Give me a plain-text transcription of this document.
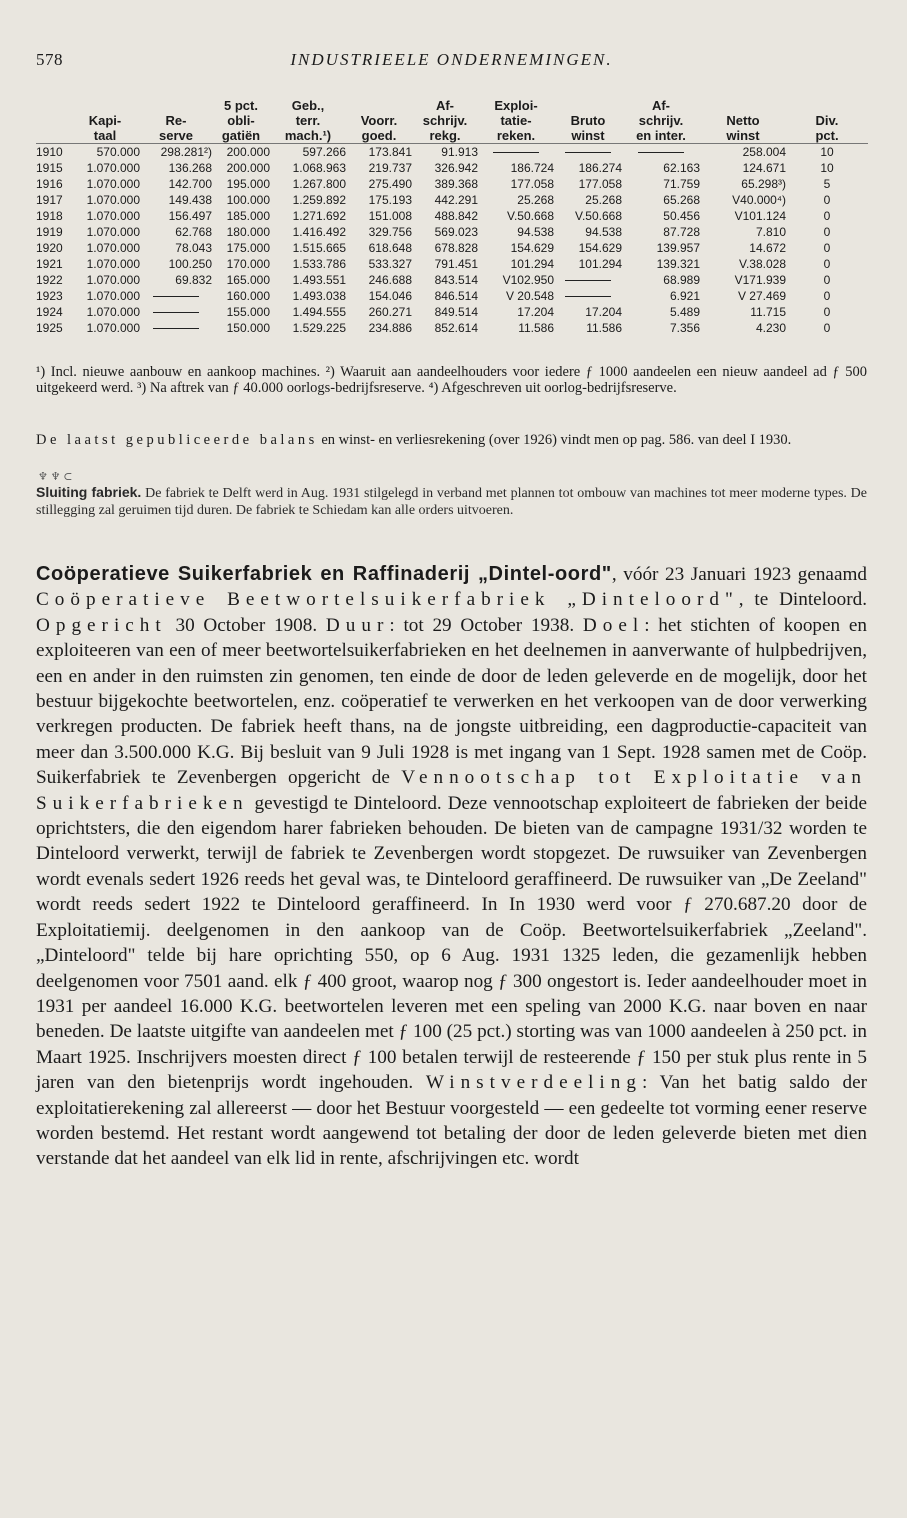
578	INDUSTRIEELE ONDERNEMINGEN.
			5 pct.	Geb.,		Af-	Exploi-		Af-		
	Kapi-	Re-	obli-	terr.	Voorr.	schrijv.	tatie-	Bruto	schrijv.	Netto	Div.
	taal	serve	gatiën	mach.¹)	goed.	rekg.	reken.	winst	en inter.	winst	pct.
1910	570.000	298.281²)	200.000	597.266	173.841	91.913				258.004	10
1915	1.070.000	136.268	200.000	1.068.963	219.737	326.942	186.724	186.274	62.163	124.671	10
1916	1.070.000	142.700	195.000	1.267.800	275.490	389.368	177.058	177.058	71.759	65.298³)	5
1917	1.070.000	149.438	100.000	1.259.892	175.193	442.291	25.268	25.268	65.268	V40.000⁴)	0
1918	1.070.000	156.497	185.000	1.271.692	151.008	488.842	V.50.668	V.50.668	50.456	V101.124	0
1919	1.070.000	62.768	180.000	1.416.492	329.756	569.023	94.538	94.538	87.728	7.810	0
1920	1.070.000	78.043	175.000	1.515.665	618.648	678.828	154.629	154.629	139.957	14.672	0
1921	1.070.000	100.250	170.000	1.533.786	533.327	791.451	101.294	101.294	139.321	V.38.028	0
1922	1.070.000	69.832	165.000	1.493.551	246.688	843.514	V102.950		68.989	V171.939	0
1923	1.070.000		160.000	1.493.038	154.046	846.514	V 20.548		6.921	V 27.469	0
1924	1.070.000		155.000	1.494.555	260.271	849.514	17.204	17.204	5.489	11.715	0
1925	1.070.000		150.000	1.529.225	234.886	852.614	11.586	11.586	7.356	4.230	0
¹) Incl. nieuwe aanbouw en aankoop machines. ²) Waaruit aan aandeelhouders voor iedere ƒ 1000 aandeelen een nieuw aandeel ad ƒ 500 uitgekeerd werd. ³) Na aftrek van ƒ 40.000 oorlogs-bedrijfsreserve. ⁴) Afgeschreven uit oorlog-bedrijfsreserve.
De laatst gepubliceerde balans en winst- en verliesrekening (over 1926) vindt men op pag. 586. van deel I 1930.
♆ ♆ ⊂
Sluiting fabriek. De fabriek te Delft werd in Aug. 1931 stilgelegd in verband met plannen tot ombouw van machines tot meer moderne types. De stillegging zal geruimen tijd duren. De fabriek te Schiedam kan alle orders uitvoeren.
Coöperatieve Suikerfabriek en Raffinaderij „Dintel-oord", vóór 23 Januari 1923 genaamd Coöperatieve Beetwortelsuikerfabriek „Dinteloord", te Dinteloord. Opgericht 30 October 1908. Duur: tot 29 October 1938. Doel: het stichten of koopen en exploiteeren van een of meer beetwortelsuikerfabrieken en het deelnemen in aanverwante of hulpbedrijven, een en ander in den ruimsten zin genomen, ten einde de door de leden geleverde en de mogelijk, door het bestuur bijgekochte beetwortelen, enz. coöperatief te verwerken en het verkoopen van de door verwerking verkregen producten. De fabriek heeft thans, na de jongste uitbreiding, een dagproductie-capaciteit van meer dan 3.500.000 K.G. Bij besluit van 9 Juli 1928 is met ingang van 1 Sept. 1928 samen met de Coöp. Suikerfabriek te Zevenbergen opgericht de Vennootschap tot Exploitatie van Suikerfabrieken gevestigd te Dinteloord. Deze vennootschap exploiteert de fabrieken der beide oprichtsters, die den eigendom harer fabrieken behouden. De bieten van de campagne 1931/32 worden te Dinteloord verwerkt, terwijl de fabriek te Zevenbergen wordt stopgezet. De ruwsuiker van Zevenbergen wordt evenals sedert 1926 reeds het geval was, te Dinteloord geraffineerd. De ruwsuiker van „De Zeeland" wordt reeds sedert 1922 te Dinteloord geraffineerd. In In 1930 werd voor ƒ 270.687.20 door de Exploitatiemij. deelgenomen in den aankoop van de Coöp. Beetwortelsuikerfabriek „Zeeland". „Dinteloord" telde bij hare oprichting 550, op 6 Aug. 1931 1325 leden, die gezamenlijk hebben deelgenomen voor 7501 aand. elk ƒ 400 groot, waarop nog ƒ 300 ongestort is. Ieder aandeelhouder moet in 1931 per aandeel 16.000 K.G. beetwortelen leveren met een speling van 2000 K.G. naar boven en naar beneden. De laatste uitgifte van aandeelen met ƒ 100 (25 pct.) storting was van 1000 aandeelen à 250 pct. in Maart 1925. Inschrijvers moesten direct ƒ 100 betalen terwijl de resteerende ƒ 150 per stuk plus rente in 5 jaren van den bietenprijs wordt ingehouden. Winstverdeeling: Van het batig saldo der exploitatierekening zal allereerst — door het Bestuur voorgesteld — een gedeelte tot vorming eener reserve worden bestemd. Het restant wordt aangewend tot betaling der door de leden geleverde bieten met dien verstande dat het aandeel van elk lid in rente, afschrijvingen etc. wordt
